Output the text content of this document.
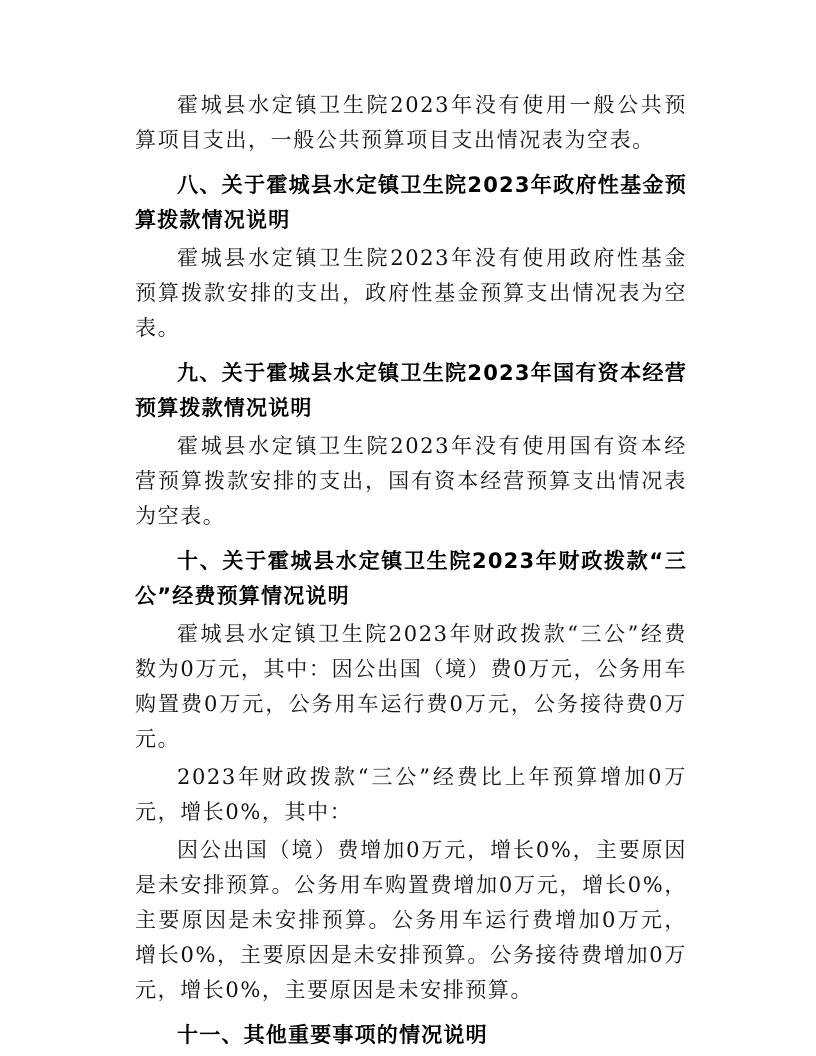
霍城县水定镇卫生院2023年没有使用一般公共预算项目支出，一般公共预算项目支出情况表为空表。

八、关于霍城县水定镇卫生院2023年政府性基金预算拨款情况说明

霍城县水定镇卫生院2023年没有使用政府性基金预算拨款安排的支出，政府性基金预算支出情况表为空表。

九、关于霍城县水定镇卫生院2023年国有资本经营预算拨款情况说明

霍城县水定镇卫生院2023年没有使用国有资本经营预算拨款安排的支出，国有资本经营预算支出情况表为空表。

十、关于霍城县水定镇卫生院2023年财政拨款“三公”经费预算情况说明

霍城县水定镇卫生院2023年财政拨款“三公”经费数为0万元，其中：因公出国（境）费0万元，公务用车购置费0万元，公务用车运行费0万元，公务接待费0万元。

2023年财政拨款“三公”经费比上年预算增加0万元，增长0%，其中：

因公出国（境）费增加0万元，增长0%，主要原因是未安排预算。公务用车购置费增加0万元，增长0%，主要原因是未安排预算。公务用车运行费增加0万元，增长0%，主要原因是未安排预算。公务接待费增加0万元，增长0%，主要原因是未安排预算。

十一、其他重要事项的情况说明
